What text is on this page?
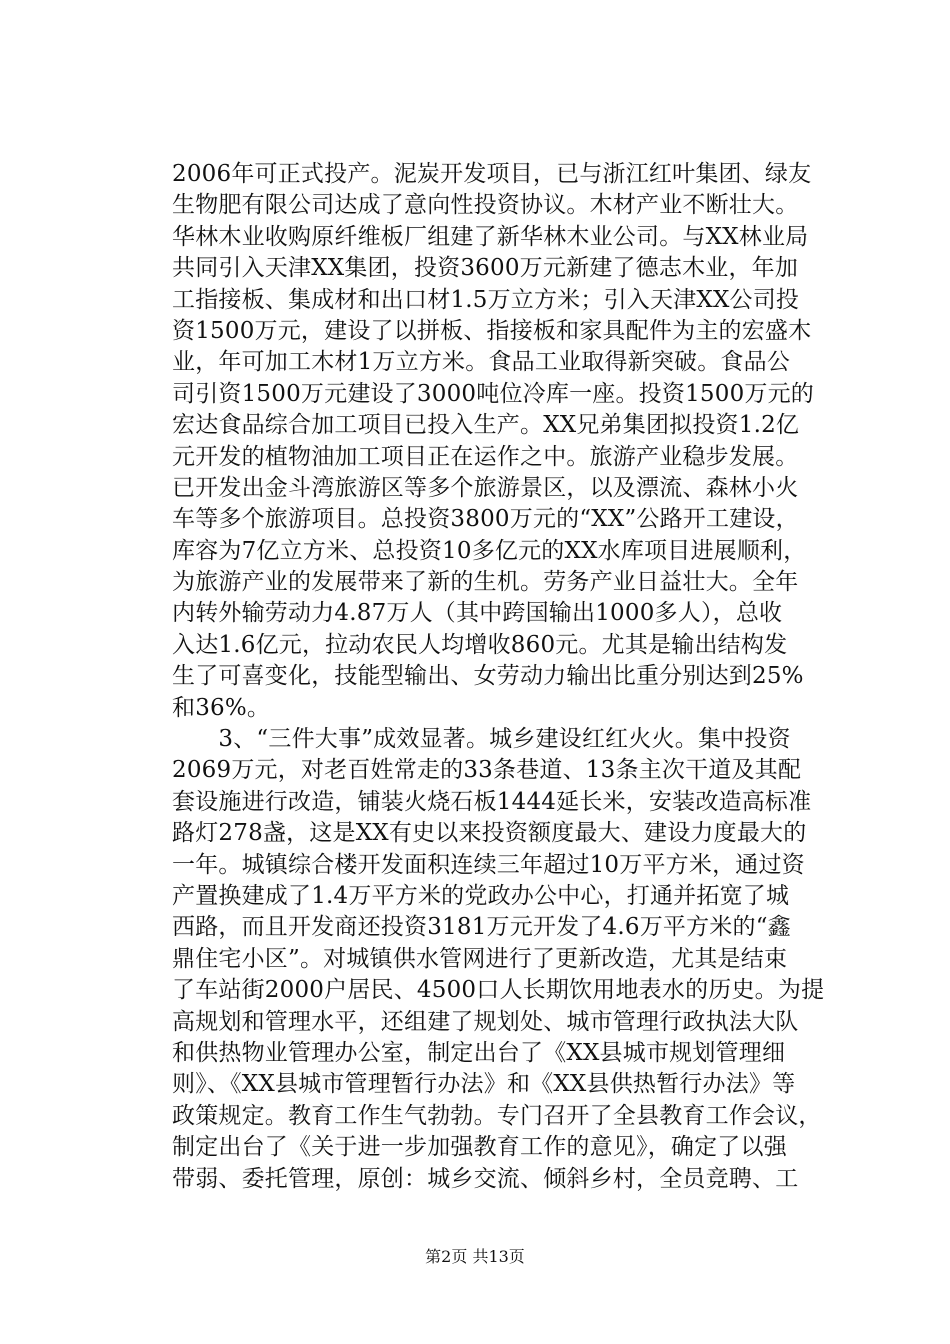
2006年可正式投产。泥炭开发项目，已与浙江红叶集团、绿友
生物肥有限公司达成了意向性投资协议。木材产业不断壮大。
华林木业收购原纤维板厂组建了新华林木业公司。与XX林业局
共同引入天津XX集团，投资3600万元新建了德志木业，年加
工指接板、集成材和出口材1.5万立方米；引入天津XX公司投
资1500万元，建设了以拼板、指接板和家具配件为主的宏盛木
业，年可加工木材1万立方米。食品工业取得新突破。食品公
司引资1500万元建设了3000吨位冷库一座。投资1500万元的
宏达食品综合加工项目已投入生产。XX兄弟集团拟投资1.2亿
元开发的植物油加工项目正在运作之中。旅游产业稳步发展。
已开发出金斗湾旅游区等多个旅游景区，以及漂流、森林小火
车等多个旅游项目。总投资3800万元的“XX”公路开工建设，
库容为7亿立方米、总投资10多亿元的XX水库项目进展顺利，
为旅游产业的发展带来了新的生机。劳务产业日益壮大。全年
内转外输劳动力4.87万人（其中跨国输出1000多人），总收
入达1.6亿元，拉动农民人均增收860元。尤其是输出结构发
生了可喜变化，技能型输出、女劳动力输出比重分别达到25%
和36%。
　　3、“三件大事”成效显著。城乡建设红红火火。集中投资
2069万元，对老百姓常走的33条巷道、13条主次干道及其配
套设施进行改造，铺装火烧石板1444延长米，安装改造高标准
路灯278盏，这是XX有史以来投资额度最大、建设力度最大的
一年。城镇综合楼开发面积连续三年超过10万平方米，通过资
产置换建成了1.4万平方米的党政办公中心，打通并拓宽了城
西路，而且开发商还投资3181万元开发了4.6万平方米的“鑫
鼎住宅小区”。对城镇供水管网进行了更新改造，尤其是结束
了车站街2000户居民、4500口人长期饮用地表水的历史。为提
高规划和管理水平，还组建了规划处、城市管理行政执法大队
和供热物业管理办公室，制定出台了《XX县城市规划管理细
则》、《XX县城市管理暂行办法》和《XX县供热暂行办法》等
政策规定。教育工作生气勃勃。专门召开了全县教育工作会议，
制定出台了《关于进一步加强教育工作的意见》，确定了以强
带弱、委托管理，原创：城乡交流、倾斜乡村，全员竞聘、工
第2页 共13页
